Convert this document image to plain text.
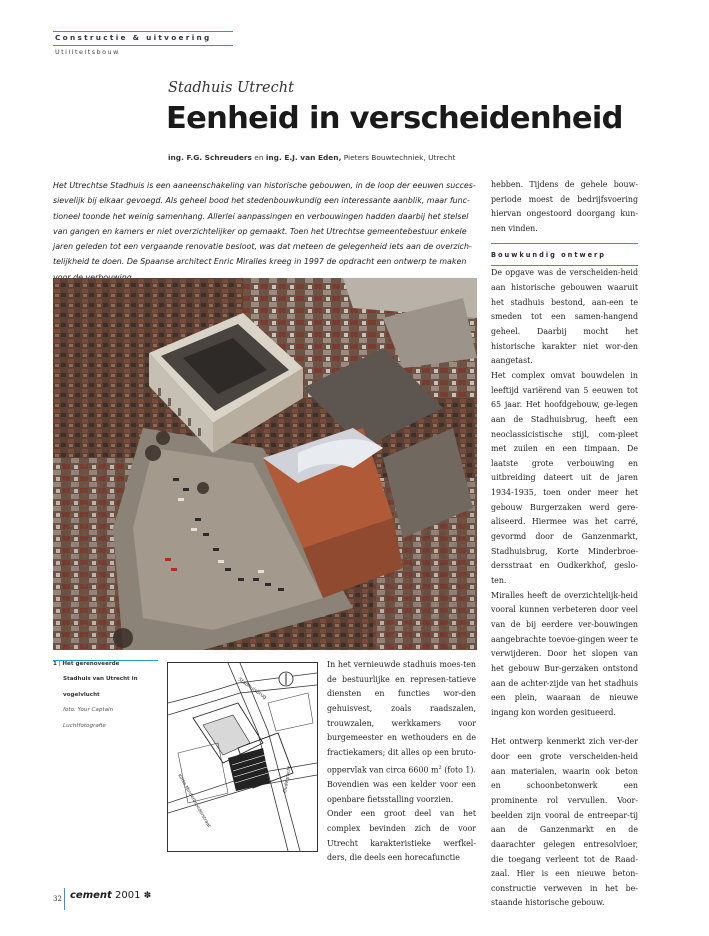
Constructie & uitvoering
Utiliteitsbouw
Stadhuis Utrecht
Eenheid in verscheidenheid
ing. F.G. Schreuders en ing. E.J. van Eden, Pieters Bouwtechniek, Utrecht
Het Utrechtse Stadhuis is een aaneenschakeling van historische gebouwen, in de loop der eeuwen succes-sievelijk bij elkaar gevoegd. Als geheel bood het stedenbouwkundig een interessante aanblik, maar func-tioneel toonde het weinig samenhang. Allerlei aanpassingen en verbouwingen hadden daarbij het stelsel van gangen en kamers er niet overzichtelijker op gemaakt. Toen het Utrechtse gemeentebestuur enkele jaren geleden tot een vergaande renovatie besloot, was dat meteen de gelegenheid iets aan de overzich-telijkheid te doen. De Spaanse architect Enric Miralles kreeg in 1997 de opdracht een ontwerp te maken
1 | Het gerenoveerde
Stadhuis van Utrecht in
vogelvlucht
foto: Your Captain
Luchtfotografie
Stadhuisbrug
Korte Minderbroederstraat	Oudegracht

In het vernieuwde stadhuis moes-ten de bestuurlijke en represen-tatieve diensten en functies wor-den gehuisvest, zoals raadszalen, trouwzalen, werkkamers voor burgemeester en wethouders en de fractiekamers; dit alles op een bruto-oppervlak van circa 6600 $m^2$ (foto 1). Bovendien was een kelder voor een openbare fietsstalling voorzien.

Onder een groot deel van het complex bevinden zich de voor Utrecht karakteristieke werfkel-ders, die deels een horecafunctie

hebben. Tijdens de gehele bouw-periode moest de bedrijfsvoering hiervan ongestoord doorgang kun-nen vinden.

Bouwkundig ontwerp

De opgave was de verscheiden-heid aan historische gebouwen waaruit het stadhuis bestond, aan-een te smeden tot een samen-hangend geheel. Daarbij mocht het historische karakter niet wor-den aangetast.

Het complex omvat bouwdelen in leeftijd variërend van 5 eeuwen tot 65 jaar. Het hoofdgebouw, ge-legen aan de Stadhuisbrug, heeft een neoclassicistische stijl, com-pleet met zuilen en een timpaan. De laatste grote verbouwing en uitbreiding dateert uit de jaren 1934-1935, toen onder meer het gebouw Burgerzaken werd gere-aliseerd. Hiermee was het carré, gevormd door de Ganzenmarkt, Stadhuisbrug, Korte Minderbroe-dersstraat en Oudkerkhof, geslo-ten.

Miralles heeft de overzichtelijk-heid vooral kunnen verbeteren door veel van de bij eerdere ver-bouwingen aangebrachte toevoe-gingen weer te verwijderen. Door het slopen van het gebouw Bur-gerzaken ontstond aan de achter-zijde van het stadhuis een plein, waaraan de nieuwe ingang kon worden gesitueerd.

Het ontwerp kenmerkt zich ver-der door een grote verscheiden-heid aan materialen, waarin ook beton en schoonbetonwerk een prominente rol vervullen. Voor-beelden zijn vooral de entreepar-tij aan de Ganzenmarkt en de daarachter gelegen entresolvloer, die toegang verleent tot de Raad-zaal. Hier is een nieuwe beton-constructie verweven in het be-staande historische gebouw.

32 cement 2001 ✽
